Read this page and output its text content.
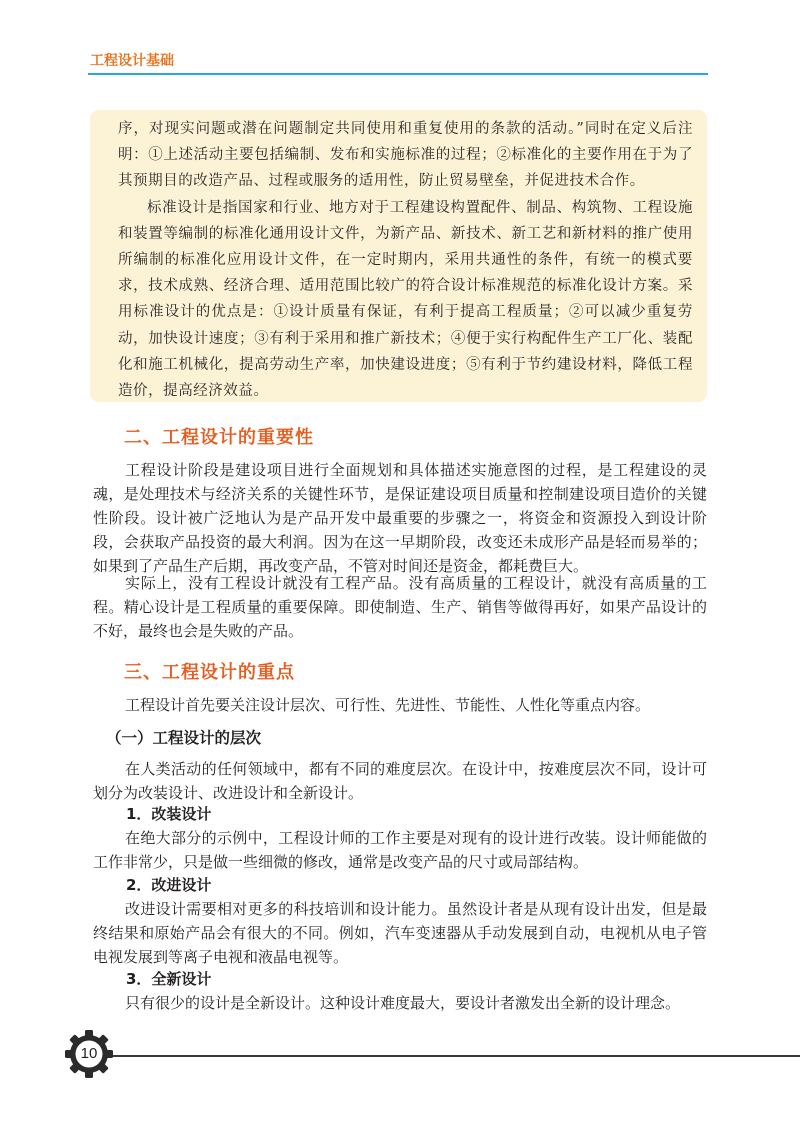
工程设计基础

序，对现实问题或潜在问题制定共同使用和重复使用的条款的活动。”同时在定义后注明：①上述活动主要包括编制、发布和实施标准的过程；②标准化的主要作用在于为了其预期目的改造产品、过程或服务的适用性，防止贸易壁垒，并促进技术合作。

标准设计是指国家和行业、地方对于工程建设构置配件、制品、构筑物、工程设施和装置等编制的标准化通用设计文件，为新产品、新技术、新工艺和新材料的推广使用所编制的标准化应用设计文件，在一定时期内，采用共通性的条件，有统一的模式要求，技术成熟、经济合理、适用范围比较广的符合设计标准规范的标准化设计方案。采用标准设计的优点是：①设计质量有保证，有利于提高工程质量；②可以减少重复劳动，加快设计速度；③有利于采用和推广新技术；④便于实行构配件生产工厂化、装配化和施工机械化，提高劳动生产率，加快建设进度；⑤有利于节约建设材料，降低工程造价，提高经济效益。

二、工程设计的重要性

工程设计阶段是建设项目进行全面规划和具体描述实施意图的过程，是工程建设的灵魂，是处理技术与经济关系的关键性环节，是保证建设项目质量和控制建设项目造价的关键性阶段。设计被广泛地认为是产品开发中最重要的步骤之一，将资金和资源投入到设计阶段，会获取产品投资的最大利润。因为在这一早期阶段，改变还未成形产品是轻而易举的；如果到了产品生产后期，再改变产品，不管对时间还是资金，都耗费巨大。

实际上，没有工程设计就没有工程产品。没有高质量的工程设计，就没有高质量的工程。精心设计是工程质量的重要保障。即使制造、生产、销售等做得再好，如果产品设计的不好，最终也会是失败的产品。

三、工程设计的重点

工程设计首先要关注设计层次、可行性、先进性、节能性、人性化等重点内容。

（一）工程设计的层次

在人类活动的任何领域中，都有不同的难度层次。在设计中，按难度层次不同，设计可划分为改装设计、改进设计和全新设计。

1．改装设计

在绝大部分的示例中，工程设计师的工作主要是对现有的设计进行改装。设计师能做的工作非常少，只是做一些细微的修改，通常是改变产品的尺寸或局部结构。

2．改进设计

改进设计需要相对更多的科技培训和设计能力。虽然设计者是从现有设计出发，但是最终结果和原始产品会有很大的不同。例如，汽车变速器从手动发展到自动，电视机从电子管电视发展到等离子电视和液晶电视等。

3．全新设计

只有很少的设计是全新设计。这种设计难度最大，要设计者激发出全新的设计理念。

10
